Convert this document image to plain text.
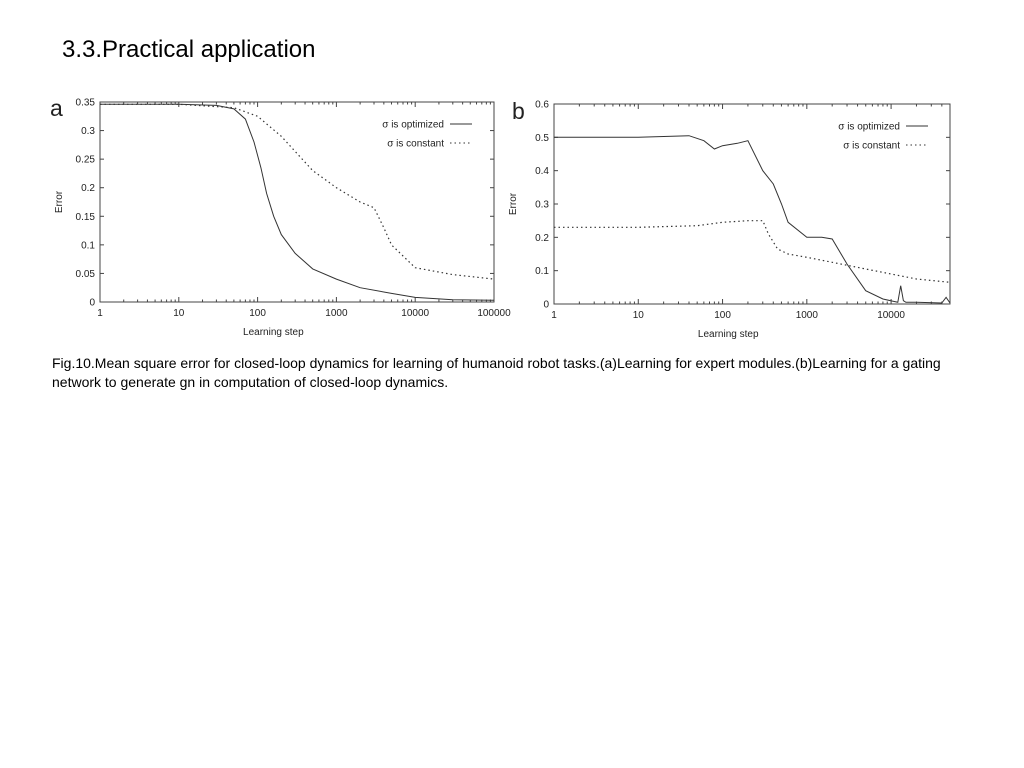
3.3.Practical application
a
0
0.05
0.1
0.15
0.2
0.25
0.3
0.35
1	10	100	1000	10000	100000
Learning step
Error
σ is optimized
σ is constant
b
0
0.1
0.2
0.3
0.4
0.5
0.6
1	10	100	1000	10000
Learning step
Error
σ is optimized
σ is constant

Fig.10.Mean square error for closed-loop dynamics for learning of humanoid robot tasks.(a)Learning for expert modules.(b)Learning for a gating network to generate gn in computation of closed-loop dynamics.
